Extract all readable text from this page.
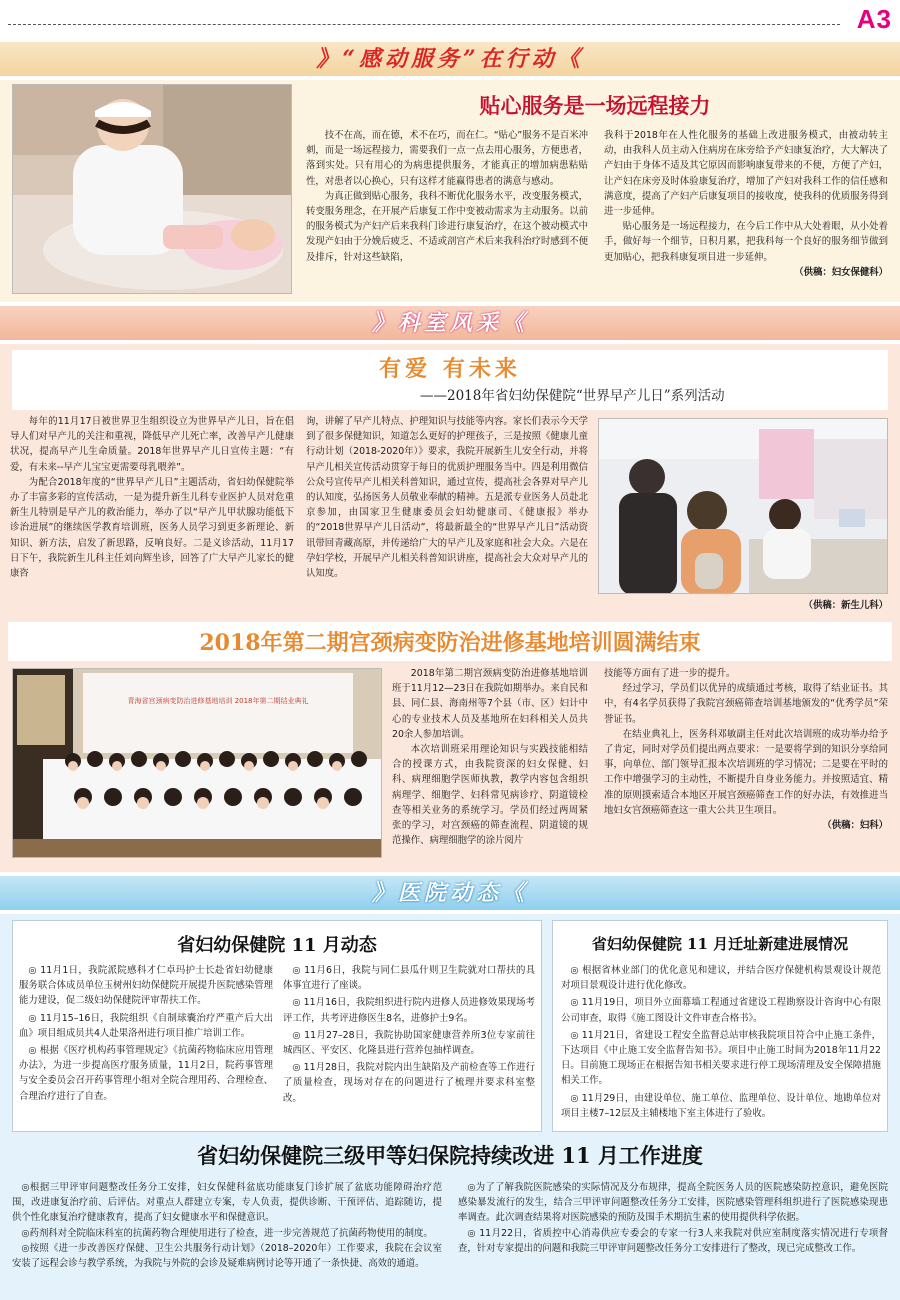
A3
》“感动服务”在行动《
贴心服务是一场远程接力

技不在高，而在德，术不在巧，而在仁。“贴心”服务不是百米冲刺，而是一场远程接力，需要我们一点一点去用心服务，方便患者，落到实处。只有用心的为病患提供服务，才能真正的增加病患粘贴性，对患者以心换心，只有这样才能赢得患者的满意与感动。

为真正做到贴心服务，我科不断优化服务水平，改变服务模式，转变服务理念，在开展产后康复工作中变被动需求为主动服务。以前的服务模式为产妇产后来我科门诊进行康复治疗，在这个被动模式中发现产妇由于分娩后疲乏、不适或剖宫产术后来我科治疗时感到不便及排斥，针对这些缺陷，

我科于2018年在人性化服务的基础上改进服务模式，由被动转主动，由我科人员主动入住病房在床旁给予产妇康复治疗，大大解决了产妇由于身体不适及其它原因而影响康复带来的不便，方便了产妇，让产妇在床旁及时体验康复治疗，增加了产妇对我科工作的信任感和满意度，提高了产妇产后康复项目的接收度，使我科的优质服务得到进一步延伸。

贴心服务是一场远程接力，在今后工作中从大处着眼，从小处着手，做好每一个细节，日积月累，把我科每一个良好的服务细节做到更加贴心，把我科康复项目进一步延伸。

（供稿：妇女保健科）
》科室风采《
有爱 有未来
——2018年省妇幼保健院“世界早产儿日”系列活动

每年的11月17日被世界卫生组织设立为世界早产儿日，旨在倡导人们对早产儿的关注和重视，降低早产儿死亡率，改善早产儿健康状况，提高早产儿生命质量。2018年世界早产儿日宣传主题：“有爱，有未来--早产儿宝宝更需要母乳喂养”。

为配合2018年度的“世界早产儿日”主题活动，省妇幼保健院举办了丰富多彩的宣传活动，一是为提升新生儿科专业医护人员对危重新生儿特别是早产儿的救治能力，举办了以“早产儿甲状腺功能低下诊治进展”的继续医学教育培训班，医务人员学习到更多新理论、新知识、新方法，启发了新思路，反响良好。二是义诊活动，11月17日下午，我院新生儿科主任刘向辉坐诊，回答了广大早产儿家长的健康咨

询，讲解了早产儿特点、护理知识与技能等内容。家长们表示今天学到了很多保健知识，知道怎么更好的护理孩子，三是按照《健康儿童行动计划（2018-2020年）》要求，我院开展新生儿安全行动，并将早产儿相关宣传活动贯穿于每日的优质护理服务当中。四是利用微信公众号宣传早产儿相关科普知识，通过宣传，提高社会各界对早产儿的认知度，弘扬医务人员敬业奉献的精神。五是派专业医务人员赴北京参加，由国家卫生健康委员会妇幼健康司、《健康报》举办的“2018世界早产儿日活动”，将最新最全的“世界早产儿日”活动资讯带回青藏高原，并传递给广大的早产儿及家庭和社会大众。六是在孕妇学校，开展早产儿相关科普知识讲座，提高社会大众对早产儿的认知度。

（供稿：新生儿科）
2018年第二期宫颈病变防治进修基地培训圆满结束
青海省宫颈病变防治进修基地培训 2018年第二期结业典礼

2018年第二期宫颈病变防治进修基地培训班于11月12—23日在我院如期举办。来自民和县、同仁县、海南州等7个县（市、区）妇计中心的专业技术人员及基地所在妇科相关人员共20余人参加培训。

本次培训班采用理论知识与实践技能相结合的授课方式，由我院资深的妇女保健、妇科、病理细胞学医师执教，教学内容包含组织病理学、细胞学、妇科常见病诊疗、阴道镜检查等相关业务的系统学习。学员们经过两周紧张的学习，对宫颈癌的筛查流程、阴道镜的规范操作、病理细胞学的涂片阅片

技能等方面有了进一步的提升。

经过学习，学员们以优异的成绩通过考核，取得了结业证书。其中，有4名学员获得了我院宫颈癌筛查培训基地颁发的“优秀学员”荣誉证书。

在结业典礼上，医务科邓敏副主任对此次培训班的成功举办给予了肯定，同时对学员们提出两点要求：一是要将学到的知识分享给同事，向单位、部门领导汇报本次培训班的学习情况；二是要在平时的工作中增强学习的主动性，不断提升自身业务能力。并按照适宜、精准的原则摸索适合本地区开展宫颈癌筛查工作的好办法，有效推进当地妇女宫颈癌筛查这一重大公共卫生项目。

（供稿：妇科）
》医院动态《
省妇幼保健院 11 月动态

◎ 11月1日，我院派院感科才仁卓玛护士长赴省妇幼健康服务联合体成员单位玉树州妇幼保健院开展提升医院感染管理能力建设，促二级妇幼保健院评审帮扶工作。

◎ 11月15–16日，我院组织《自制球囊治疗严重产后大出血》项目组成员共4人赴果洛州进行项目推广培训工作。

◎ 根据《医疗机构药事管理规定》《抗菌药物临床应用管理办法》，为进一步提高医疗服务质量，11月2日，院药事管理与安全委员会召开药事管理小组对全院合理用药、合理检查、合理治疗进行了自查。

◎ 11月6日，我院与同仁县瓜什则卫生院就对口帮扶的具体事宜进行了座谈。

◎ 11月16日，我院组织进行院内进修人员进修效果现场考评工作，共考评进修医生8名，进修护士9名。

◎ 11月27–28日，我院协助国家健康营养所3位专家前往城西区、平安区、化隆县进行营养包抽样调查。

◎ 11月28日，我院对院内出生缺陷及产前检查等工作进行了质量检查，现场对存在的问题进行了梳理并要求科室整改。

省妇幼保健院 11 月迁址新建进展情况

◎ 根据省林业部门的优化意见和建议，并结合医疗保健机构景观设计规范对项目景观设计进行优化修改。

◎ 11月19日，项目外立面幕墙工程通过省建设工程勘察设计咨询中心有限公司审查，取得《施工图设计文件审查合格书》。

◎ 11月21日，省建设工程安全监督总站审核我院项目符合中止施工条件，下达项目《中止施工安全监督告知书》。项目中止施工时间为2018年11月22日。目前施工现场正在根据告知书相关要求进行停工现场清理及安全保障措施相关工作。

◎ 11月29日，由建设单位、施工单位、监理单位、设计单位、地勘单位对项目主楼7–12层及主辅楼地下室主体进行了验收。

省妇幼保健院三级甲等妇保院持续改进 11 月工作进度

◎根据三甲评审问题整改任务分工安排，妇女保健科盆底功能康复门诊扩展了盆底功能障碍治疗范围，改进康复治疗前、后评估。对重点人群建立专案，专人负责，提供诊断、干预评估、追踪随访，提供个性化康复治疗健康教育，提高了妇女健康水平和保健意识。

◎药剂科对全院临床科室的抗菌药物合理使用进行了检查，进一步完善规范了抗菌药物使用的制度。

◎按照《进一步改善医疗保健、卫生公共服务行动计划》（2018–2020年）工作要求，我院在会议室安装了远程会诊与教学系统，为我院与外院的会诊及疑难病例讨论等开通了一条快捷、高效的通道。

◎为了了解我院医院感染的实际情况及分布规律，提高全院医务人员的医院感染防控意识，避免医院感染暴发流行的发生，结合三甲评审问题整改任务分工安排，医院感染管理科组织进行了医院感染现患率调查。此次调查结果将对医院感染的预防及围手术期抗生素的使用提供科学依据。

◎ 11月22日，省质控中心消毒供应专委会的专家一行3人来我院对供应室制度落实情况进行专项督查，针对专家提出的问题和我院三甲评审问题整改任务分工安排进行了整改，现已完成整改工作。
